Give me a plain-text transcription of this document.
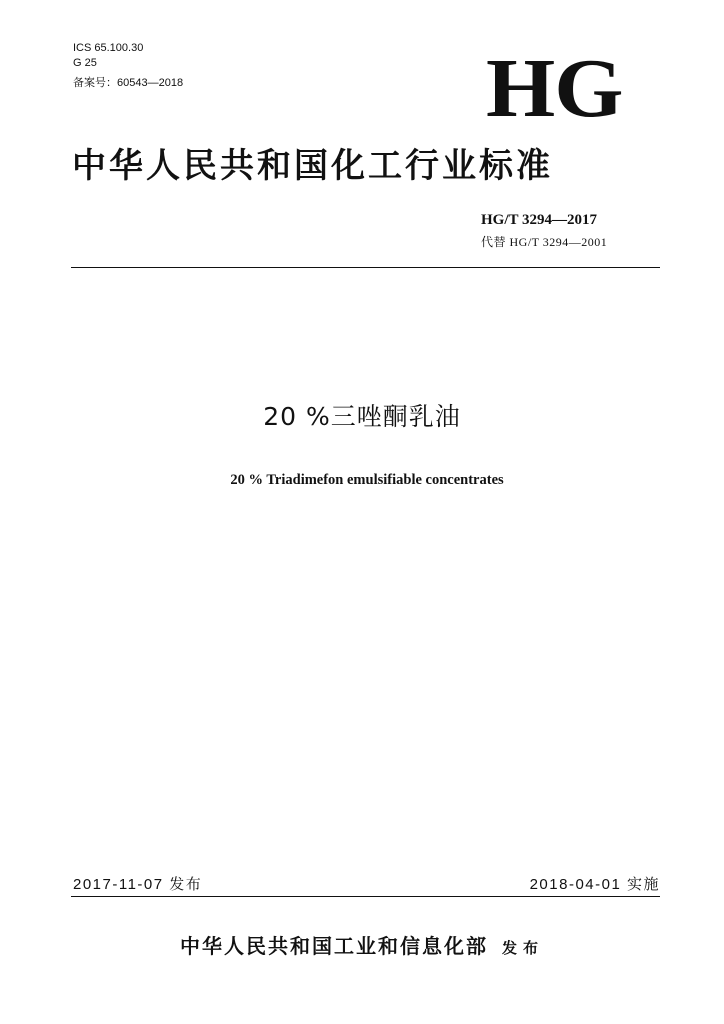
ICS 65.100.30
G 25
备案号：60543—2018	HG
中华人民共和国化工行业标准
HG/T 3294—2017
代替 HG/T 3294—2001
20 %三唑酮乳油
20 % Triadimefon emulsifiable concentrates
2017-11-07 发布	2018-04-01 实施
中华人民共和国工业和信息化部 发布
